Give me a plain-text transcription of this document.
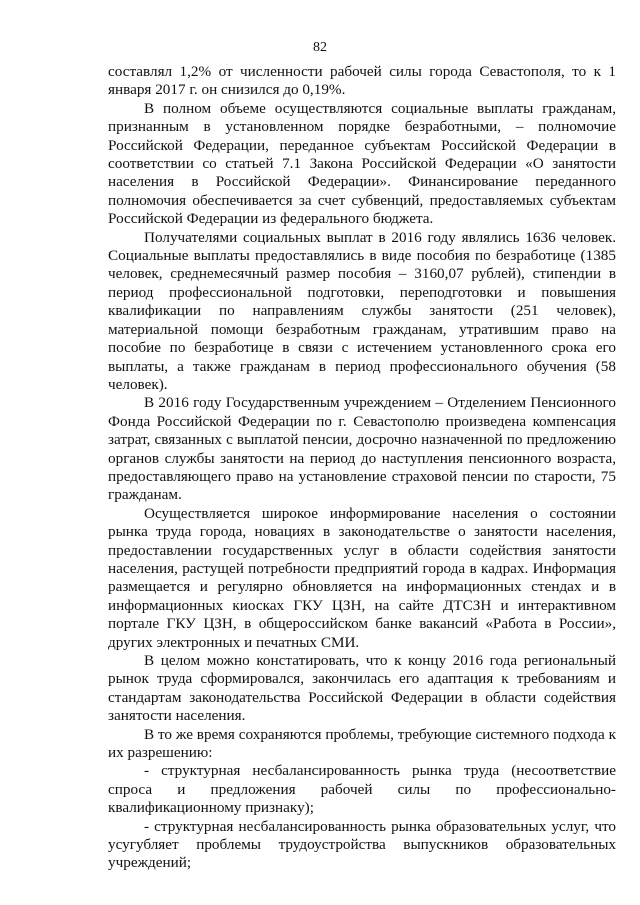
82

составлял 1,2% от численности рабочей силы города Севастополя, то к 1 января 2017 г. он снизился до 0,19%.

В полном объеме осуществляются социальные выплаты гражданам, признанным в установленном порядке безработными, – полномочие Российской Федерации, переданное субъектам Российской Федерации в соответствии со статьей 7.1 Закона Российской Федерации «О занятости населения в Российской Федерации». Финансирование переданного полномочия обеспечивается за счет субвенций, предоставляемых субъектам Российской Федерации из федерального бюджета.

Получателями социальных выплат в 2016 году являлись 1636 человек. Социальные выплаты предоставлялись в виде пособия по безработице (1385 человек, среднемесячный размер пособия – 3160,07 рублей), стипендии в период профессиональной подготовки, переподготовки и повышения квалификации по направлениям службы занятости (251 человек), материальной помощи безработным гражданам, утратившим право на пособие по безработице в связи с истечением установленного срока его выплаты, а также гражданам в период профессионального обучения (58 человек).

В 2016 году Государственным учреждением – Отделением Пенсионного Фонда Российской Федерации по г. Севастополю произведена компенсация затрат, связанных с выплатой пенсии, досрочно назначенной по предложению органов службы занятости на период до наступления пенсионного возраста, предоставляющего право на установление страховой пенсии по старости, 75 гражданам.

Осуществляется широкое информирование населения о состоянии рынка труда города, новациях в законодательстве о занятости населения, предоставлении государственных услуг в области содействия занятости населения, растущей потребности предприятий города в кадрах. Информация размещается и регулярно обновляется на информационных стендах и в информационных киосках ГКУ ЦЗН, на сайте ДТСЗН и интерактивном портале ГКУ ЦЗН, в общероссийском банке вакансий «Работа в России», других электронных и печатных СМИ.

В целом можно констатировать, что к концу 2016 года региональный рынок труда сформировался, закончилась его адаптация к требованиям и стандартам законодательства Российской Федерации в области содействия занятости населения.

В то же время сохраняются проблемы, требующие системного подхода к их разрешению:

- структурная несбалансированность рынка труда (несоответствие спроса и предложения рабочей силы по профессионально-квалификационному признаку);

- структурная несбалансированность рынка образовательных услуг, что усугубляет проблемы трудоустройства выпускников образовательных учреждений;
